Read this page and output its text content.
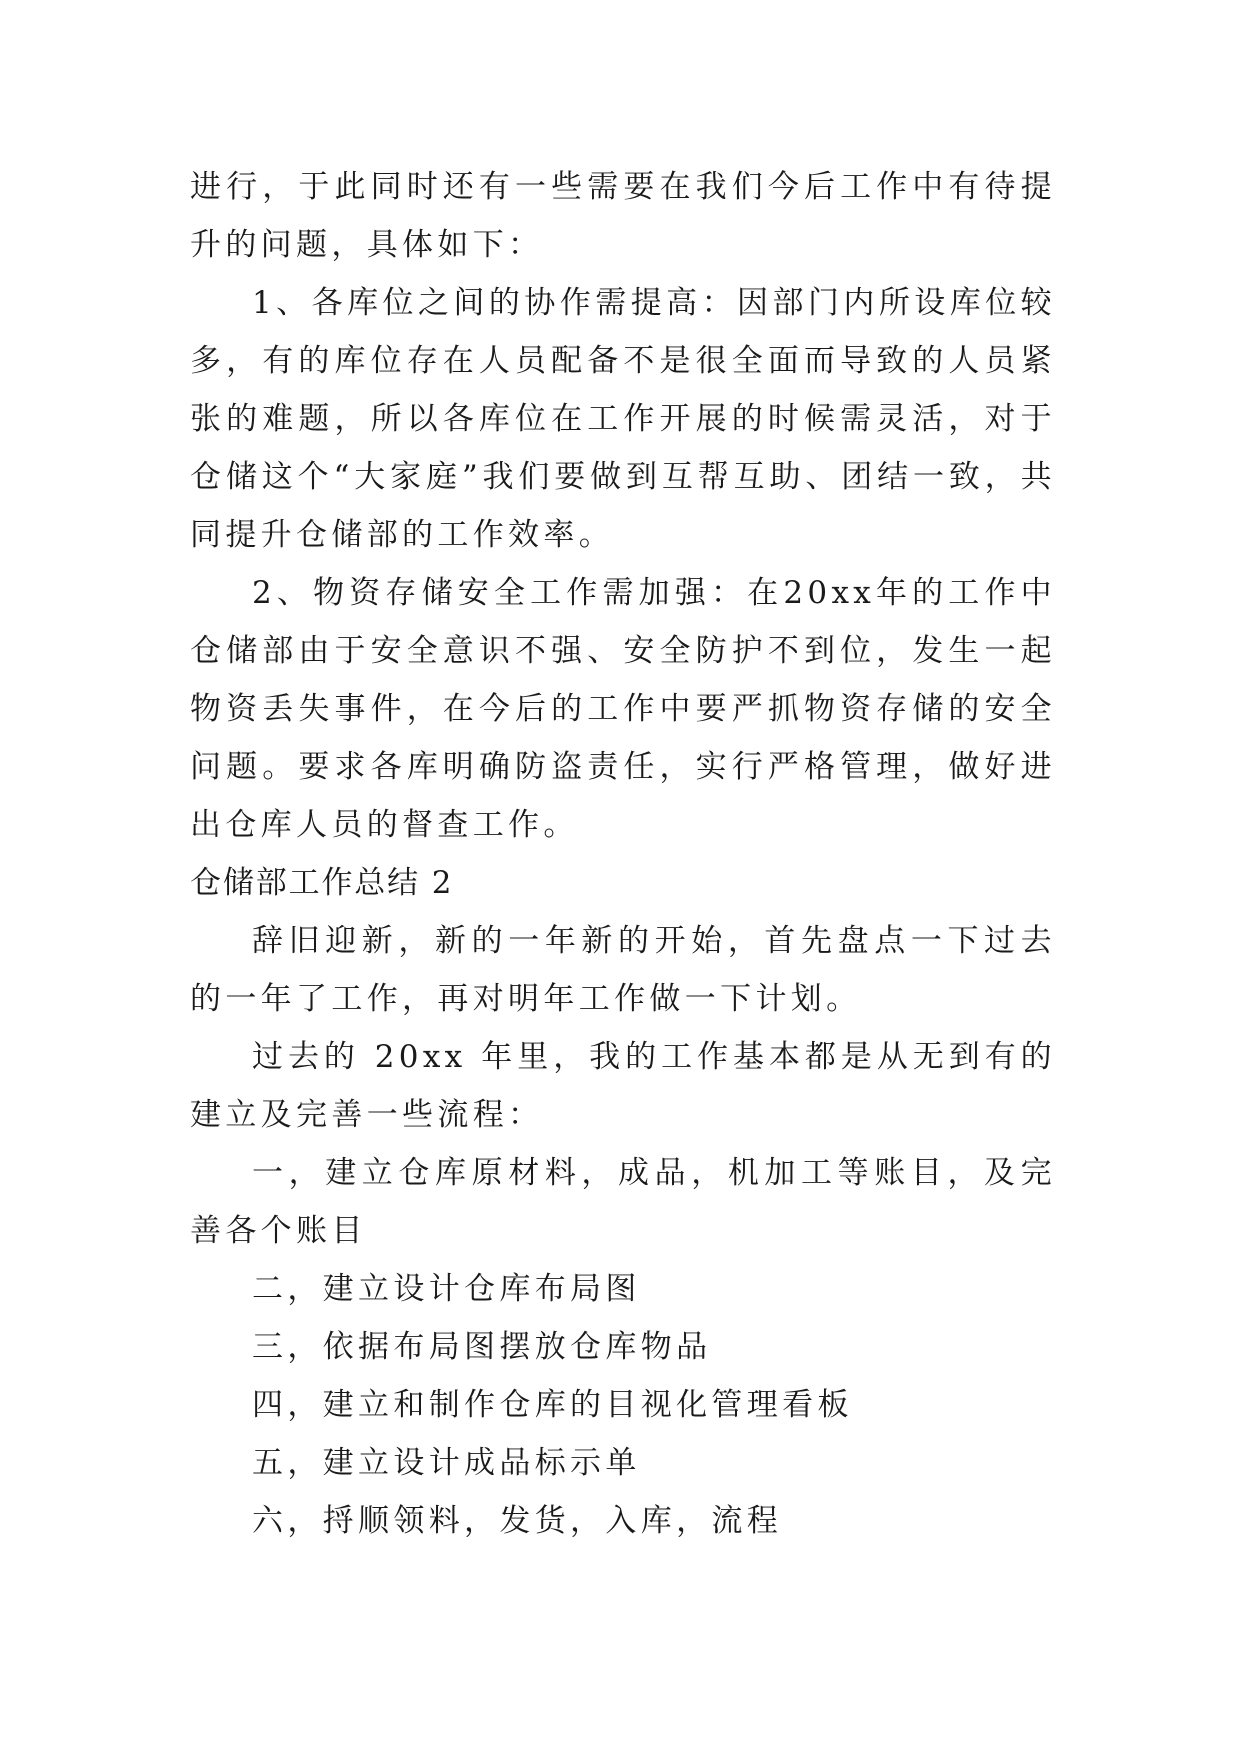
进行，于此同时还有一些需要在我们今后工作中有待提升的问题，具体如下：

1、各库位之间的协作需提高：因部门内所设库位较多，有的库位存在人员配备不是很全面而导致的人员紧张的难题，所以各库位在工作开展的时候需灵活，对于仓储这个“大家庭”我们要做到互帮互助、团结一致，共同提升仓储部的工作效率。

2、物资存储安全工作需加强：在20xx年的工作中仓储部由于安全意识不强、安全防护不到位，发生一起物资丢失事件，在今后的工作中要严抓物资存储的安全问题。要求各库明确防盗责任，实行严格管理，做好进出仓库人员的督查工作。

仓储部工作总结 2

辞旧迎新，新的一年新的开始，首先盘点一下过去的一年了工作，再对明年工作做一下计划。

过去的 20xx 年里，我的工作基本都是从无到有的建立及完善一些流程：

一，建立仓库原材料，成品，机加工等账目，及完善各个账目

二，建立设计仓库布局图

三，依据布局图摆放仓库物品

四，建立和制作仓库的目视化管理看板

五，建立设计成品标示单

六，捋顺领料，发货，入库，流程
